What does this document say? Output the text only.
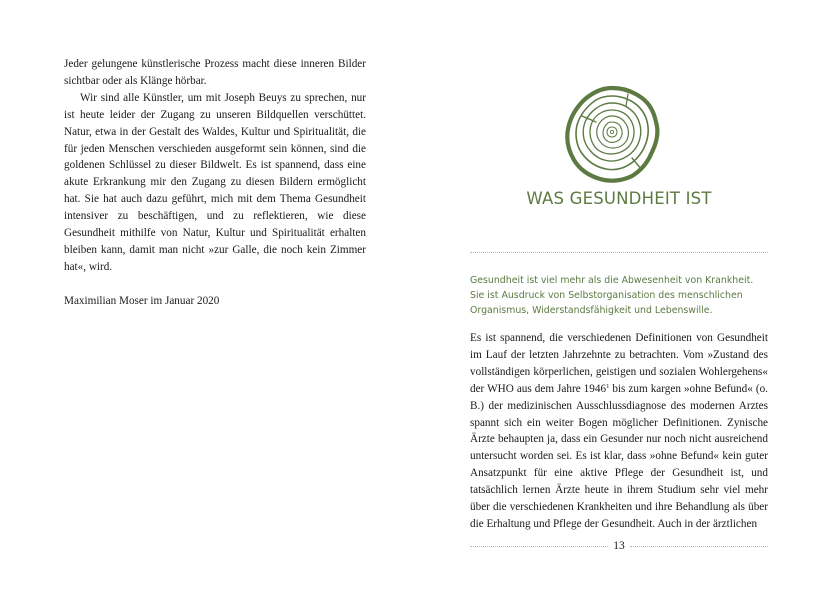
Jeder gelungene künstlerische Prozess macht diese inneren Bilder sichtbar oder als Klänge hörbar.

Wir sind alle Künstler, um mit Joseph Beuys zu sprechen, nur ist heute leider der Zugang zu unseren Bildquellen verschüttet. Natur, etwa in der Gestalt des Waldes, Kultur und Spiritualität, die für jeden Menschen verschieden ausgeformt sein können, sind die goldenen Schlüssel zu dieser Bildwelt. Es ist spannend, dass eine akute Erkrankung mir den Zugang zu diesen Bildern ermöglicht hat. Sie hat auch dazu geführt, mich mit dem Thema Gesundheit intensiver zu beschäftigen, und zu reflektieren, wie diese Gesundheit mithilfe von Natur, Kultur und Spiritualität erhalten bleiben kann, damit man nicht »zur Galle, die noch kein Zimmer hat«, wird.

Maximilian Moser im Januar 2020

WAS GESUNDHEIT IST

Gesundheit ist viel mehr als die Abwesenheit von Krankheit.

Sie ist Ausdruck von Selbstorganisation des menschlichen

Organismus, Widerstandsfähigkeit und Lebenswille.

Es ist spannend, die verschiedenen Definitionen von Gesundheit im Lauf der letzten Jahrzehnte zu betrachten. Vom »Zustand des vollständigen körperlichen, geistigen und sozialen Wohlergehens« der WHO aus dem Jahre 1946$^1$ bis zum kargen »ohne Befund« (o. B.) der medizinischen Ausschlussdiagnose des modernen Arztes spannt sich ein weiter Bogen möglicher Definitionen. Zynische Ärzte behaupten ja, dass ein Gesunder nur noch nicht ausreichend untersucht worden sei. Es ist klar, dass »ohne Befund« kein guter Ansatzpunkt für eine aktive Pflege der Gesundheit ist, und tatsächlich lernen Ärzte heute in ihrem Studium sehr viel mehr über die verschiedenen Krankheiten und ihre Behandlung als über die Erhaltung und Pflege der Gesundheit. Auch in der ärztlichen

13
